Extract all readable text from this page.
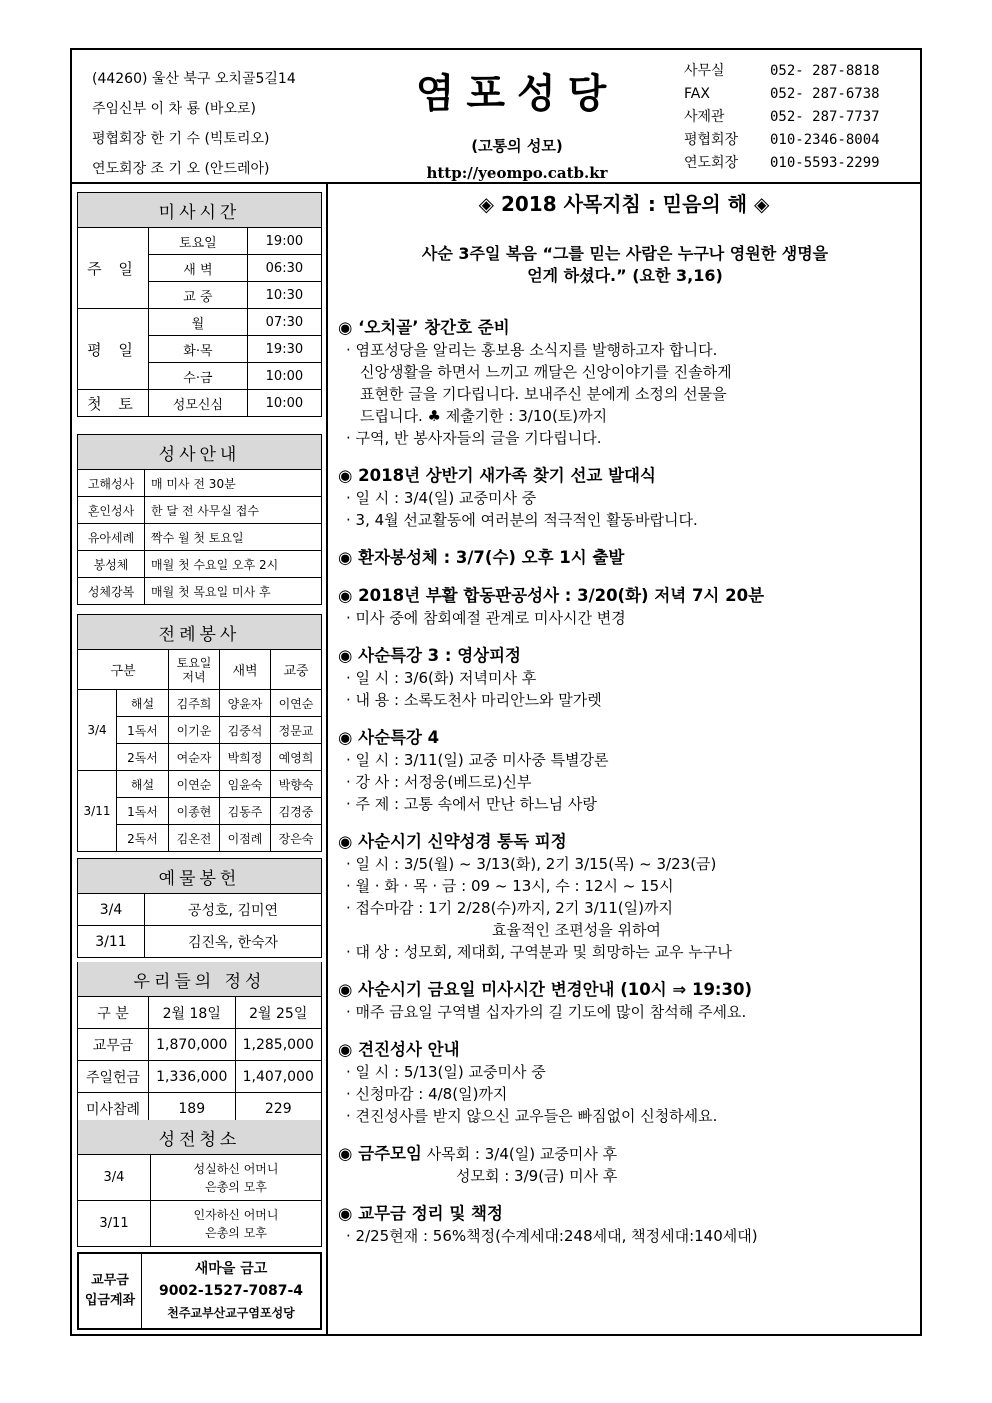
(44260) 울산 북구 오치골5길14
주임신부 이 차 룡 (바오로)
평협회장 한 기 수 (빅토리오)
연도회장 조 기 오 (안드레아)
염포성당
(고통의 성모)
http://yeompo.catb.kr
사무실	052- 287-8818
FAX	052- 287-6738
사제관	052- 287-7737
평협회장 010-2346-8004
연도회장 010-5593-2299
미사시간		
주 일	토요일	19:00
	새 벽	06:30
	교 중	10:30
평 일	월	07:30
	화·목	19:30
	수·금	10:00
첫 토	성모신심	10:00
성사안내	
고해성사	매 미사 전 30분
혼인성사	한 달 전 사무실 접수
유아세례	짝수 월 첫 토요일
봉성체	매월 첫 수요일 오후 2시
성체강복	매월 첫 목요일 미사 후
전례봉사				
구분		토요일 저녁	새벽	교중
3/4	해설	김주희	양윤자	이연순
	1독서	이기운	김중석	정문교
	2독서	여순자	박희정	예영희
3/11	해설	이연순	임윤숙	박향숙
	1독서	이종현	김동주	김경중
	2독서	김온전	이점례	장은숙
예물봉헌	
3/4	공성호, 김미연
3/11	김진옥, 한숙자
우리들의 정성		
구 분	2월 18일	2월 25일
교무금	1,870,000	1,285,000
주일헌금	1,336,000	1,407,000
미사참례	189	229
성전청소	
3/4	성실하신 어머니
은총의 모후

3/11	인자하신 어머니
은총의 모후
교무금
입금계좌

새마을 금고
9002-1527-7087-4
천주교부산교구염포성당
◈ 2018 사목지침 : 믿음의 해 ◈
사순 3주일 복음 “그를 믿는 사람은 누구나 영원한 생명을
얻게 하셨다.” (요한 3,16)
◉ ‘오치골’ 창간호 준비
· 염포성당을 알리는 홍보용 소식지를 발행하고자 합니다.
신앙생활을 하면서 느끼고 깨달은 신앙이야기를 진솔하게
표현한 글을 기다립니다. 보내주신 분에게 소정의 선물을
드립니다. ♣ 제출기한 : 3/10(토)까지
· 구역, 반 봉사자들의 글을 기다립니다.
◉ 2018년 상반기 새가족 찾기 선교 발대식
· 일 시 : 3/4(일) 교중미사 중
· 3, 4월 선교활동에 여러분의 적극적인 활동바랍니다.
◉ 환자봉성체 : 3/7(수) 오후 1시 출발
◉ 2018년 부활 합동판공성사 : 3/20(화) 저녁 7시 20분
· 미사 중에 참회예절 관계로 미사시간 변경
◉ 사순특강 3 : 영상피정
· 일 시 : 3/6(화) 저녁미사 후
· 내 용 : 소록도천사 마리안느와 말가렛
◉ 사순특강 4
· 일 시 : 3/11(일) 교중 미사중 특별강론
· 강 사 : 서정웅(베드로)신부
· 주 제 : 고통 속에서 만난 하느님 사랑
◉ 사순시기 신약성경 통독 피정
· 일 시 : 3/5(월) ~ 3/13(화), 2기 3/15(목) ~ 3/23(금)
· 월 · 화 · 목 · 금 : 09 ~ 13시, 수 : 12시 ~ 15시
· 접수마감 : 1기 2/28(수)까지, 2기 3/11(일)까지
효율적인 조편성을 위하여
· 대 상 : 성모회, 제대회, 구역분과 및 희망하는 교우 누구나
◉ 사순시기 금요일 미사시간 변경안내 (10시 ⇒ 19:30)
· 매주 금요일 구역별 십자가의 길 기도에 많이 참석해 주세요.
◉ 견진성사 안내
· 일 시 : 5/13(일) 교중미사 중
· 신청마감 : 4/8(일)까지
· 견진성사를 받지 않으신 교우들은 빠짐없이 신청하세요.
◉ 금주모임 사목회 : 3/4(일) 교중미사 후
성모회 : 3/9(금) 미사 후
◉ 교무금 정리 및 책정
· 2/25현재 : 56%책정(수계세대:248세대, 책정세대:140세대)
